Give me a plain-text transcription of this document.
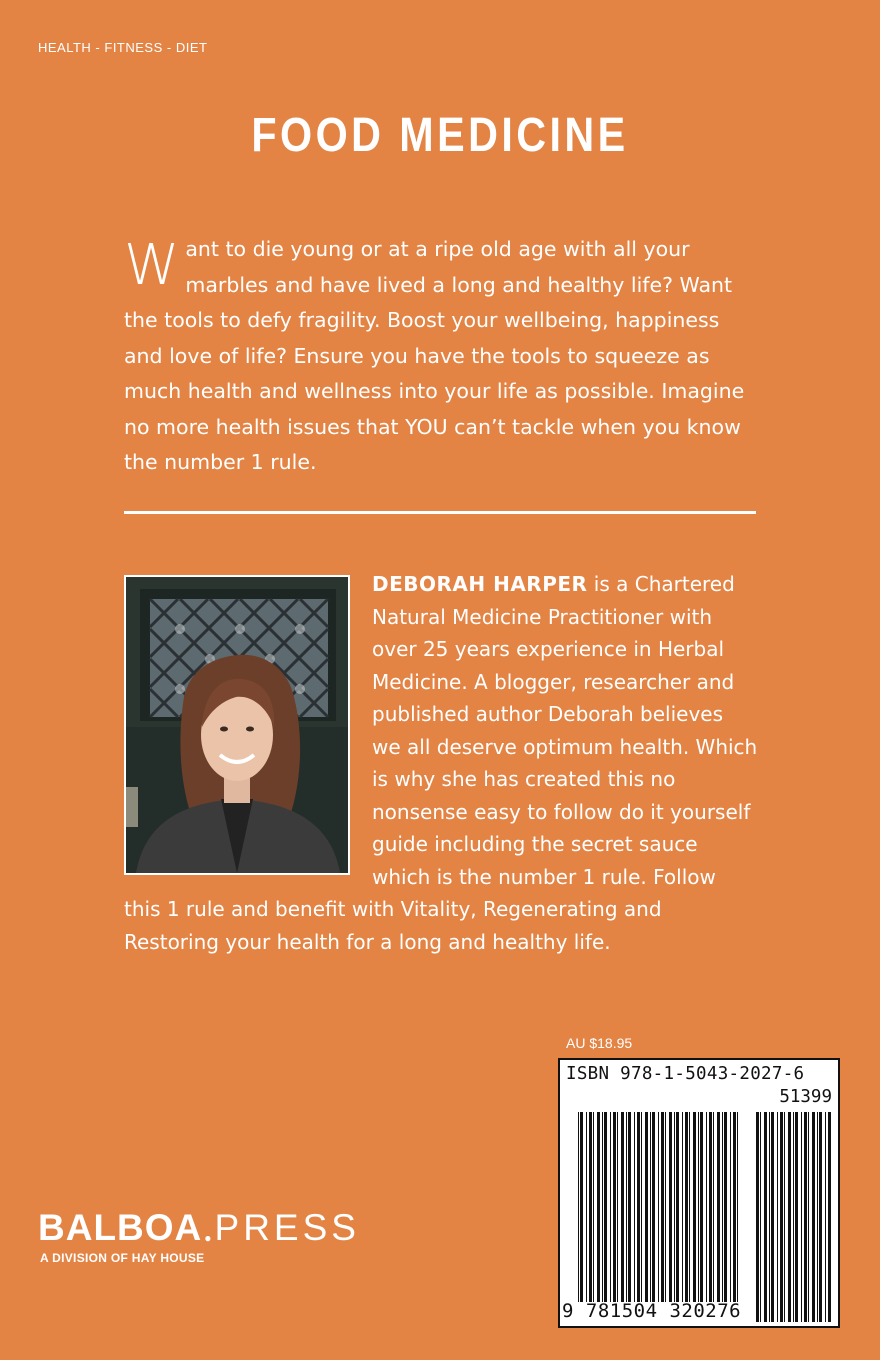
HEALTH - FITNESS - DIET
FOOD MEDICINE
Want to die young or at a ripe old age with all your marbles and have lived a long and healthy life? Want the tools to defy fragility. Boost your wellbeing, happiness and love of life? Ensure you have the tools to squeeze as much health and wellness into your life as possible. Imagine no more health issues that YOU can’t tackle when you know the number 1 rule.
DEBORAH HARPER is a Chartered Natural Medicine Practitioner with over 25 years experience in Herbal Medicine. A blogger, researcher and published author Deborah believes we all deserve optimum health. Which is why she has created this no nonsense easy to follow do it yourself guide including the secret sauce which is the number 1 rule. Follow this 1 rule and benefit with Vitality, Regenerating and Restoring your health for a long and healthy life.
AU $18.95
ISBN 978-1-5043-2027-6
51399
9 781504 320276
BALBOA ●PRESS
A DIVISION OF HAY HOUSE
